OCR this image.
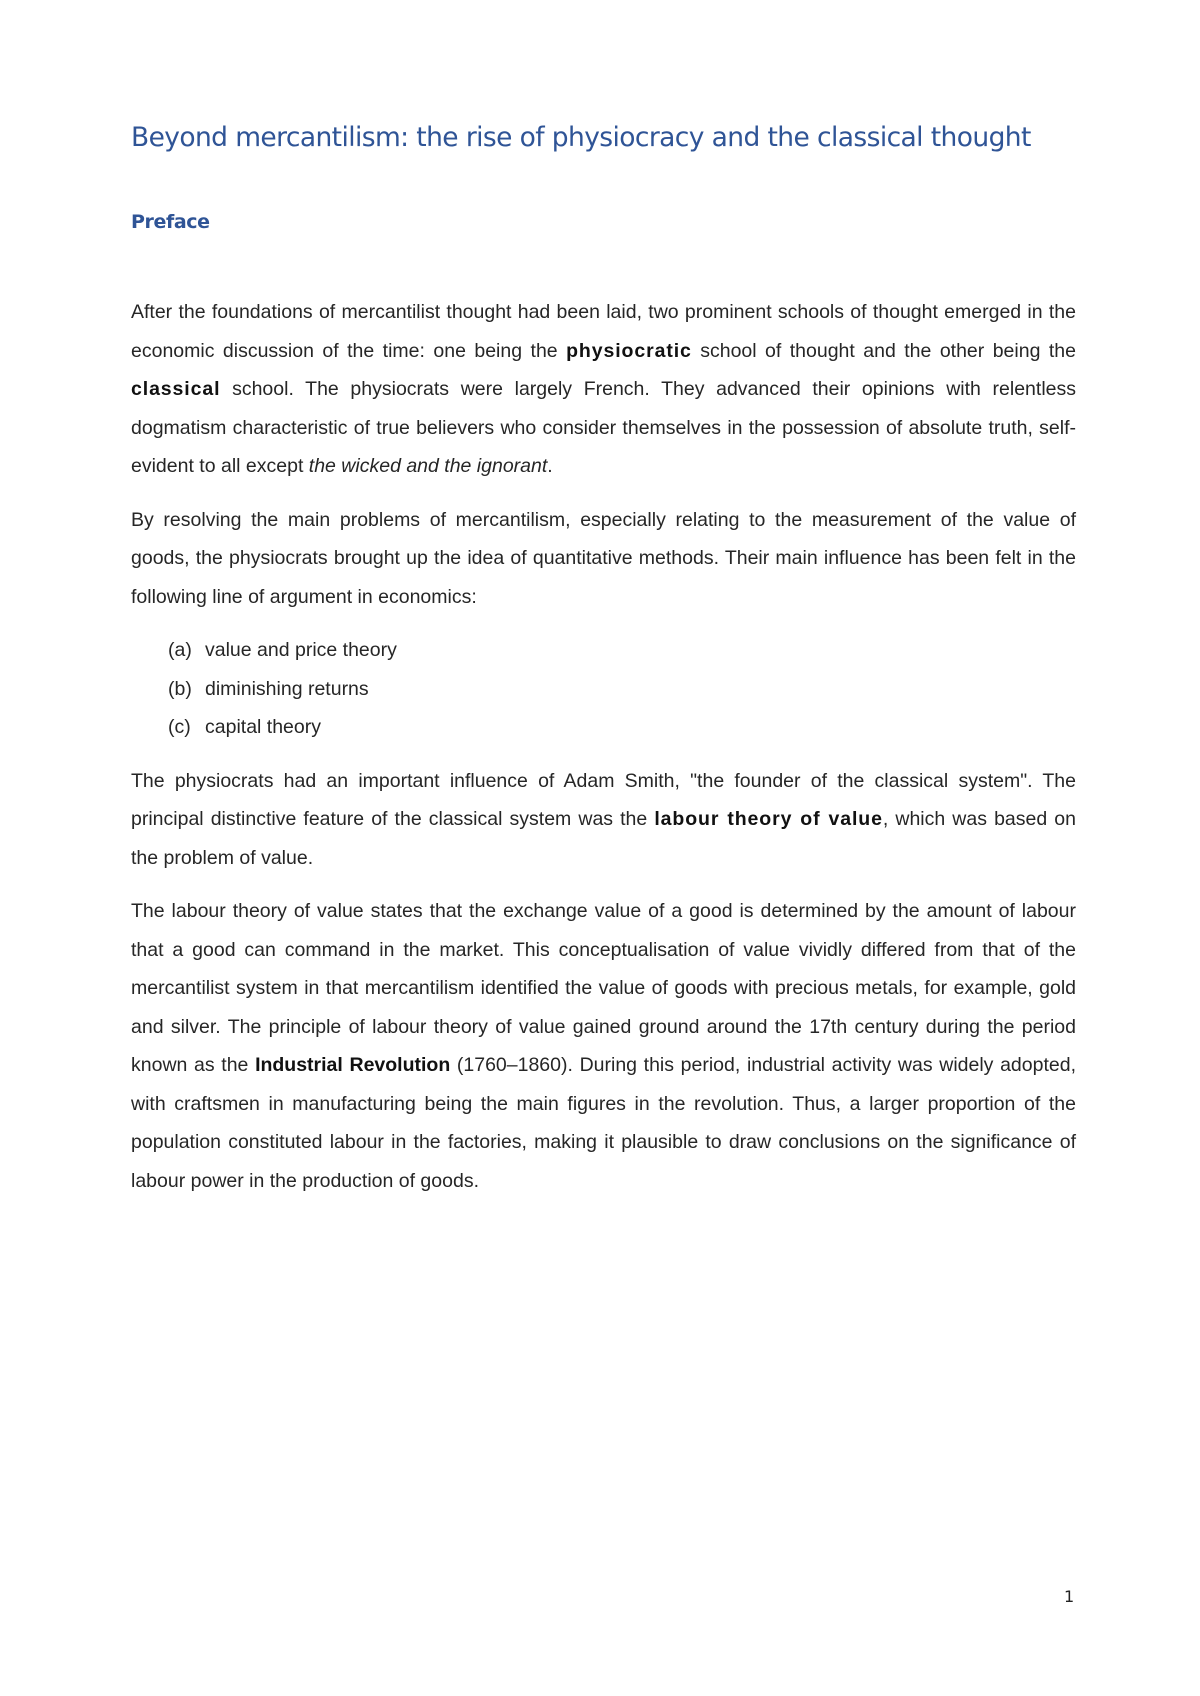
Beyond mercantilism: the rise of physiocracy and the classical thought
Preface

After the foundations of mercantilist thought had been laid, two prominent schools of thought emerged in the economic discussion of the time: one being the physiocratic school of thought and the other being the classical school. The physiocrats were largely French. They advanced their opinions with relentless dogmatism characteristic of true believers who consider themselves in the possession of absolute truth, self-evident to all except the wicked and the ignorant.

By resolving the main problems of mercantilism, especially relating to the measurement of the value of goods, the physiocrats brought up the idea of quantitative methods. Their main influence has been felt in the following line of argument in economics:

(a) value and price theory
(b) diminishing returns
(c) capital theory

The physiocrats had an important influence of Adam Smith, "the founder of the classical system". The principal distinctive feature of the classical system was the labour theory of value, which was based on the problem of value.

The labour theory of value states that the exchange value of a good is determined by the amount of labour that a good can command in the market. This conceptualisation of value vividly differed from that of the mercantilist system in that mercantilism identified the value of goods with precious metals, for example, gold and silver. The principle of labour theory of value gained ground around the 17th century during the period known as the Industrial Revolution (1760–1860). During this period, industrial activity was widely adopted, with craftsmen in manufacturing being the main figures in the revolution. Thus, a larger proportion of the population constituted labour in the factories, making it plausible to draw conclusions on the significance of labour power in the production of goods.

1
